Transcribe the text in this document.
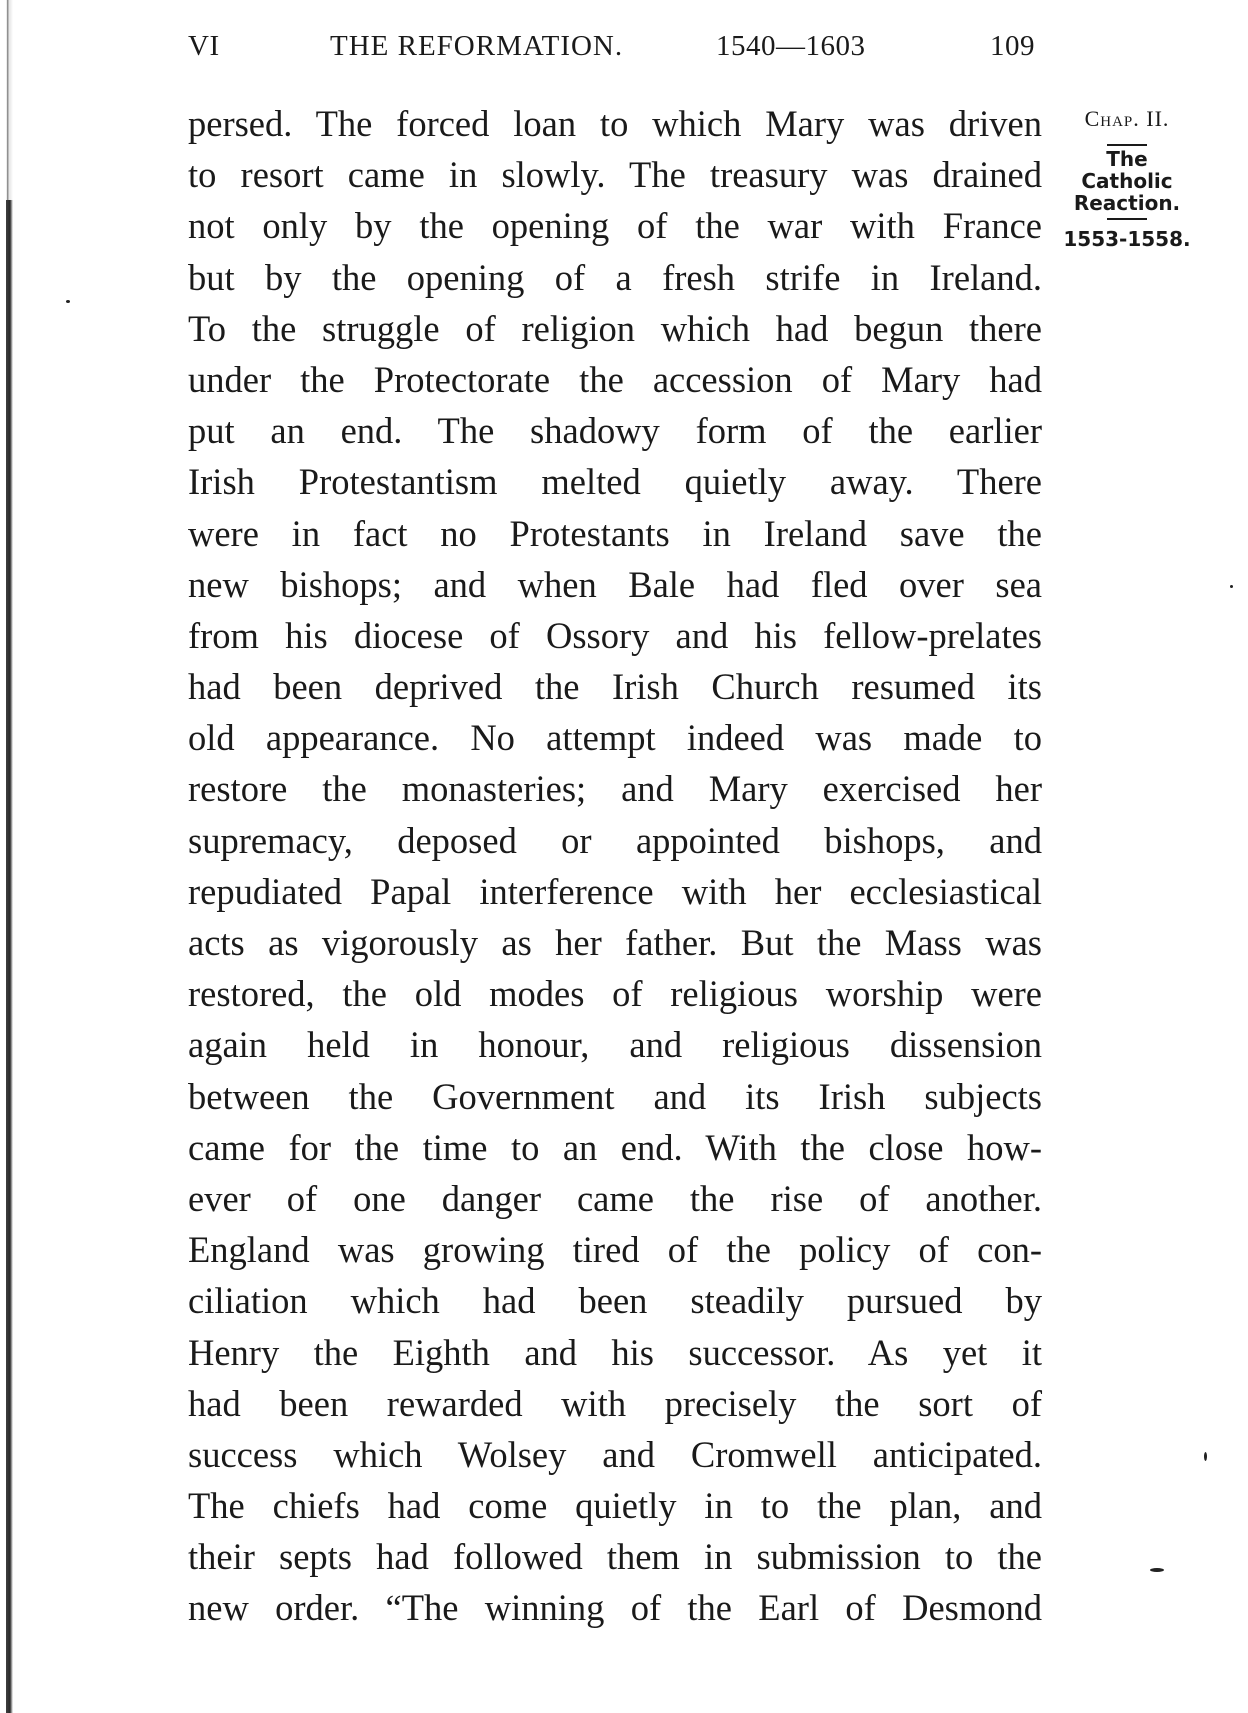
VI	THE REFORMATION.	1540—1603	109
Chap. II.
The
Catholic
Reaction.
1553-1558.
persed. The forced loan to which Mary was driven
to resort came in slowly. The treasury was drained
not only by the opening of the war with France
but by the opening of a fresh strife in Ireland.
To the struggle of religion which had begun there
under the Protectorate the accession of Mary had
put an end. The shadowy form of the earlier
Irish Protestantism melted quietly away. There
were in fact no Protestants in Ireland save the
new bishops; and when Bale had fled over sea
from his diocese of Ossory and his fellow-prelates
had been deprived the Irish Church resumed its
old appearance. No attempt indeed was made to
restore the monasteries; and Mary exercised her
supremacy, deposed or appointed bishops, and
repudiated Papal interference with her ecclesiastical
acts as vigorously as her father. But the Mass was
restored, the old modes of religious worship were
again held in honour, and religious dissension
between the Government and its Irish subjects
came for the time to an end. With the close how-
ever of one danger came the rise of another.
England was growing tired of the policy of con-
ciliation which had been steadily pursued by
Henry the Eighth and his successor. As yet it
had been rewarded with precisely the sort of
success which Wolsey and Cromwell anticipated.
The chiefs had come quietly in to the plan, and
their septs had followed them in submission to the
new order. “The winning of the Earl of Desmond
